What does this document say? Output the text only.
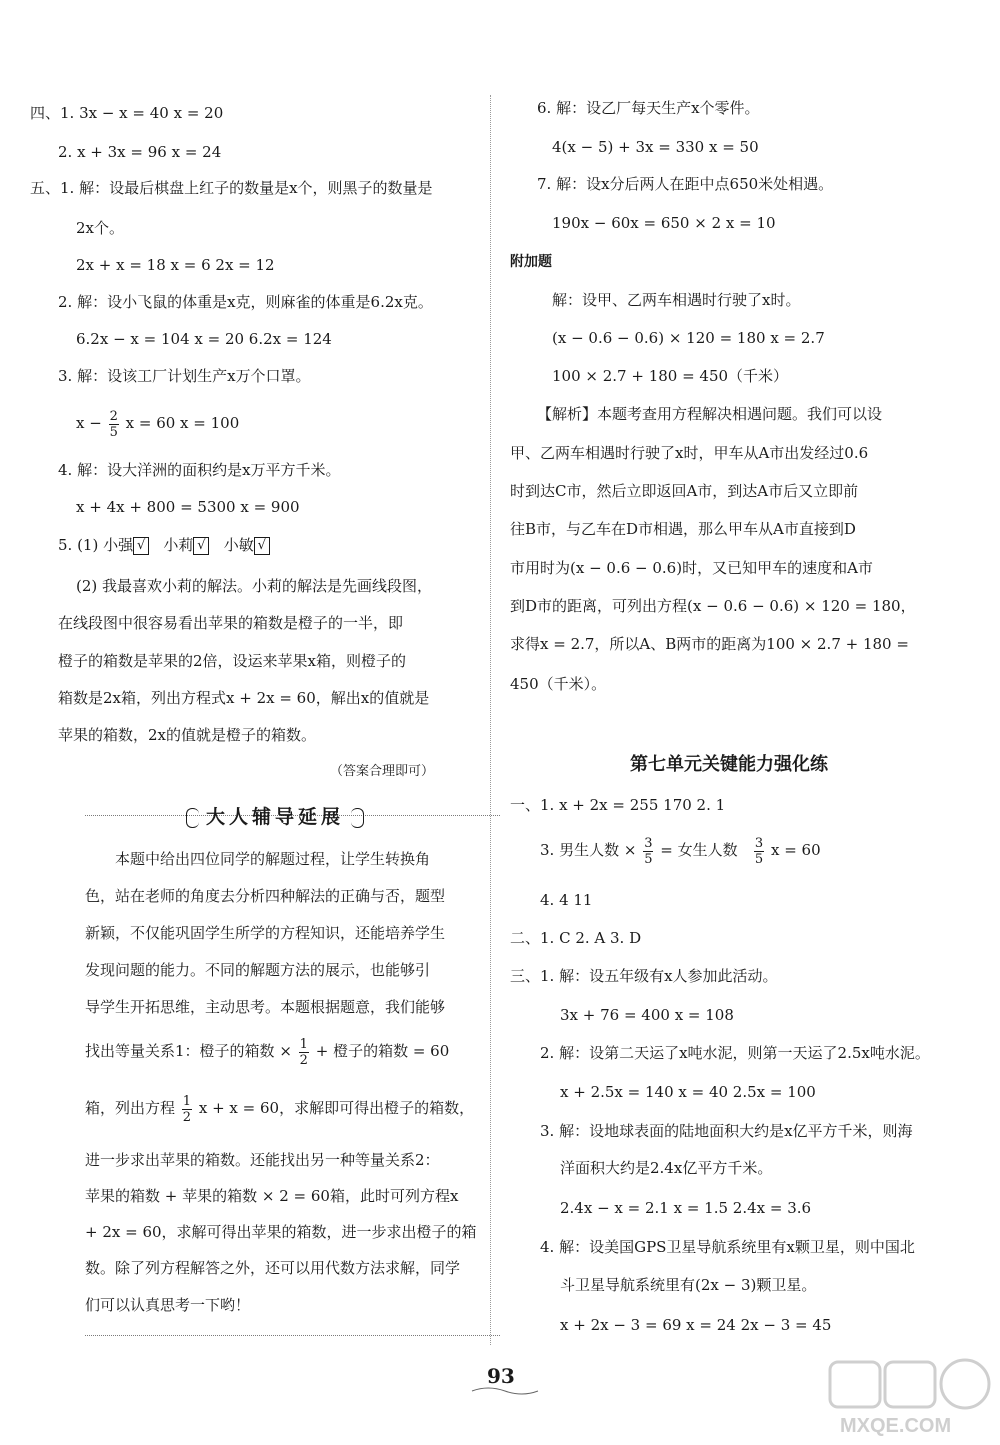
四、1. 3x − x = 40 x = 20
2. x + 3x = 96 x = 24
五、1. 解：设最后棋盘上红子的数量是x个，则黑子的数量是
2x个。
2x + x = 18 x = 6 2x = 12
2. 解：设小飞鼠的体重是x克，则麻雀的体重是6.2x克。
6.2x − x = 104 x = 20 6.2x = 124
3. 解：设该工厂计划生产x万个口罩。
$x - \frac{2}{5}$ x = 60 x = 100
4. 解：设大洋洲的面积约是x万平方千米。
x + 4x + 800 = 5300 x = 900
5. (1) 小强 √ 小莉 √ 小敏 √
(2) 我最喜欢小莉的解法。小莉的解法是先画线段图，
在线段图中很容易看出苹果的箱数是橙子的一半，即
橙子的箱数是苹果的2倍，设运来苹果x箱，则橙子的
箱数是2x箱，列出方程式x + 2x = 60，解出x的值就是
苹果的箱数，2x的值就是橙子的箱数。
（答案合理即可）
大人辅导延展
本题中给出四位同学的解题过程，让学生转换角
色，站在老师的角度去分析四种解法的正确与否，题型
新颖，不仅能巩固学生所学的方程知识，还能培养学生
发现问题的能力。不同的解题方法的展示，也能够引
导学生开拓思维，主动思考。本题根据题意，我们能够
找出等量关系1：橙子的箱数 × $\frac{1}{2}$ + 橙子的箱数 = 60
箱，列出方程 $\frac{1}{2}$ x + x = 60，求解即可得出橙子的箱数，
进一步求出苹果的箱数。还能找出另一种等量关系2：
苹果的箱数 + 苹果的箱数 × 2 = 60箱，此时可列方程x
+ 2x = 60，求解可得出苹果的箱数，进一步求出橙子的箱
数。除了列方程解答之外，还可以用代数方法求解，同学
们可以认真思考一下哟！
6. 解：设乙厂每天生产x个零件。
4(x − 5) + 3x = 330 x = 50
7. 解：设x分后两人在距中点650米处相遇。
190x − 60x = 650 × 2 x = 10
附加题
解：设甲、乙两车相遇时行驶了x时。
(x − 0.6 − 0.6) × 120 = 180 x = 2.7
100 × 2.7 + 180 = 450（千米）
【解析】本题考查用方程解决相遇问题。我们可以设
甲、乙两车相遇时行驶了x时，甲车从A市出发经过0.6
时到达C市，然后立即返回A市，到达A市后又立即前
往B市，与乙车在D市相遇，那么甲车从A市直接到D
市用时为(x − 0.6 − 0.6)时，又已知甲车的速度和A市
到D市的距离，可列出方程(x − 0.6 − 0.6) × 120 = 180，
求得x = 2.7，所以A、B两市的距离为100 × 2.7 + 180 =
450（千米）。
第七单元关键能力强化练
一、1. x + 2x = 255 170 2. 1
3. 男生人数 × $\frac{3}{5}$ = 女生人数 $\frac{3}{5}$ x = 60
4. 4 11
二、1. C 2. A 3. D
三、1. 解：设五年级有x人参加此活动。
3x + 76 = 400 x = 108
2. 解：设第二天运了x吨水泥，则第一天运了2.5x吨水泥。
x + 2.5x = 140 x = 40 2.5x = 100
3. 解：设地球表面的陆地面积大约是x亿平方千米，则海
洋面积大约是2.4x亿平方千米。
2.4x − x = 2.1 x = 1.5 2.4x = 3.6
4. 解：设美国GPS卫星导航系统里有x颗卫星，则中国北
斗卫星导航系统里有(2x − 3)颗卫星。
x + 2x − 3 = 69 x = 24 2x − 3 = 45
93
MXQE.COM
